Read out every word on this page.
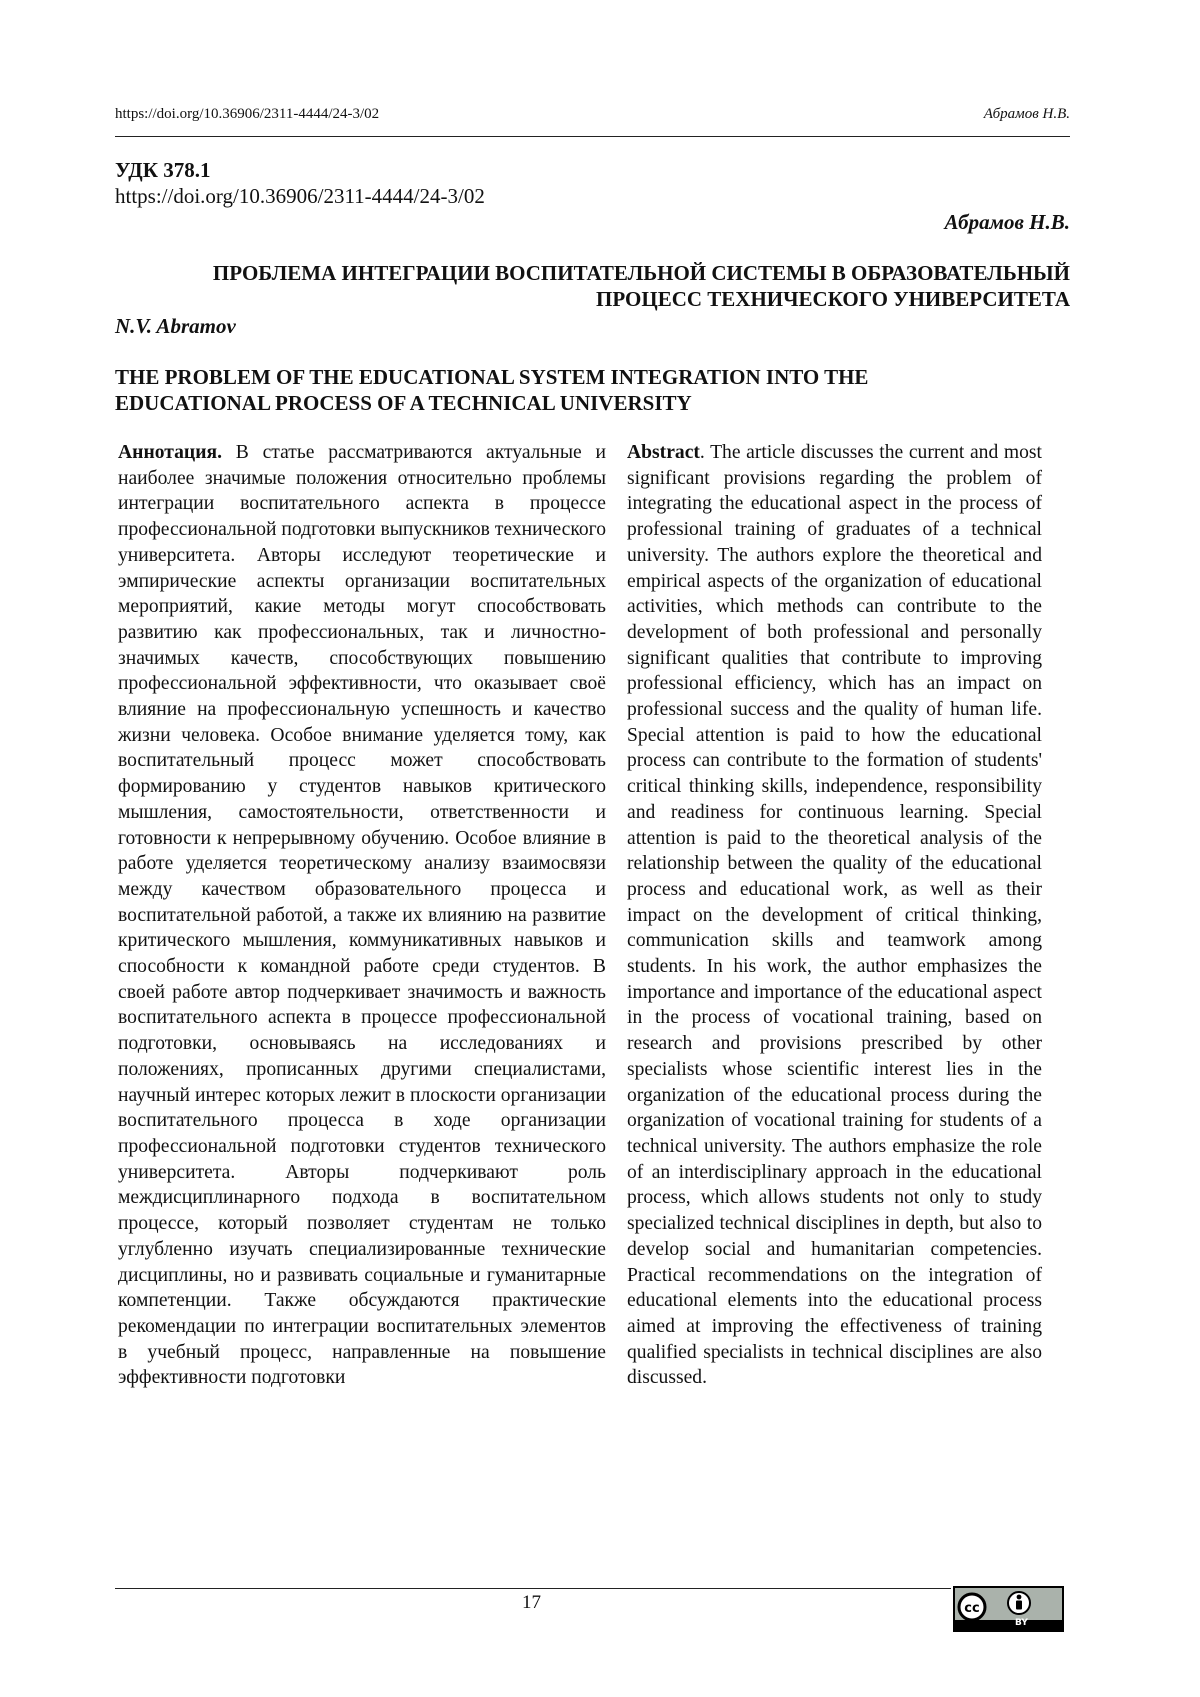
https://doi.org/10.36906/2311-4444/24-3/02	Абрамов Н.В.
УДК 378.1
https://doi.org/10.36906/2311-4444/24-3/02
Абрамов Н.В.
ПРОБЛЕМА ИНТЕГРАЦИИ ВОСПИТАТЕЛЬНОЙ СИСТЕМЫ В ОБРАЗОВАТЕЛЬНЫЙ
ПРОЦЕСС ТЕХНИЧЕСКОГО УНИВЕРСИТЕТА
N.V. Abramov
THE PROBLEM OF THE EDUCATIONAL SYSTEM INTEGRATION INTO THE
EDUCATIONAL PROCESS OF A TECHNICAL UNIVERSITY
Аннотация. В статье рассматриваются актуальные и наиболее значимые положения относительно проблемы интеграции воспитательного аспекта в процессе профессиональной подготовки выпускников технического университета. Авторы исследуют теоретические и эмпирические аспекты организации воспитательных мероприятий, какие методы могут способствовать развитию как профессиональных, так и личностно-значимых качеств, способствующих повышению профессиональной эффективности, что оказывает своё влияние на профессиональную успешность и качество жизни человека. Особое внимание уделяется тому, как воспитательный процесс может способствовать формированию у студентов навыков критического мышления, самостоятельности, ответственности и готовности к непрерывному обучению. Особое влияние в работе уделяется теоретическому анализу взаимосвязи между качеством образовательного процесса и воспитательной работой, а также их влиянию на развитие критического мышления, коммуникативных навыков и способности к командной работе среди студентов. В своей работе автор подчеркивает значимость и важность воспитательного аспекта в процессе профессиональной подготовки, основываясь на исследованиях и положениях, прописанных другими специалистами, научный интерес которых лежит в плоскости организации воспитательного процесса в ходе организации профессиональной подготовки студентов технического университета. Авторы подчеркивают роль междисциплинарного подхода в воспитательном процессе, который позволяет студентам не только углубленно изучать специализированные технические дисциплины, но и развивать социальные и гуманитарные компетенции. Также обсуждаются практические рекомендации по интеграции воспитательных элементов в учебный процесс, направленные на повышение эффективности подготовки
Abstract. The article discusses the current and most significant provisions regarding the problem of integrating the educational aspect in the process of professional training of graduates of a technical university. The authors explore the theoretical and empirical aspects of the organization of educational activities, which methods can contribute to the development of both professional and personally significant qualities that contribute to improving professional efficiency, which has an impact on professional success and the quality of human life. Special attention is paid to how the educational process can contribute to the formation of students' critical thinking skills, independence, responsibility and readiness for continuous learning. Special attention is paid to the theoretical analysis of the relationship between the quality of the educational process and educational work, as well as their impact on the development of critical thinking, communication skills and teamwork among students. In his work, the author emphasizes the importance and importance of the educational aspect in the process of vocational training, based on research and provisions prescribed by other specialists whose scientific interest lies in the organization of the educational process during the organization of vocational training for students of a technical university. The authors emphasize the role of an interdisciplinary approach in the educational process, which allows students not only to study specialized technical disciplines in depth, but also to develop social and humanitarian competencies. Practical recommendations on the integration of educational elements into the educational process aimed at improving the effectiveness of training qualified specialists in technical disciplines are also discussed.
17	cc
BY
